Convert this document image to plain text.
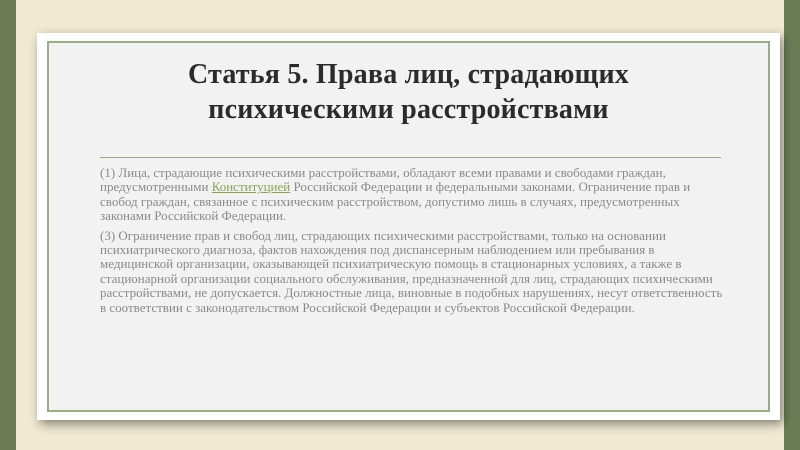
Статья 5. Права лиц, страдающих
психическими расстройствами

(1) Лица, страдающие психическими расстройствами, обладают всеми правами и свободами граждан, предусмотренными Конституцией Российской Федерации и федеральными законами. Ограничение прав и свобод граждан, связанное с психическим расстройством, допустимо лишь в случаях, предусмотренных законами Российской Федерации.

(3) Ограничение прав и свобод лиц, страдающих психическими расстройствами, только на основании психиатрического диагноза, фактов нахождения под диспансерным наблюдением или пребывания в медицинской организации, оказывающей психиатрическую помощь в стационарных условиях, а также в стационарной организации социального обслуживания, предназначенной для лиц, страдающих психическими расстройствами, не допускается. Должностные лица, виновные в подобных нарушениях, несут ответственность в соответствии с законодательством Российской Федерации и субъектов Российской Федерации.
